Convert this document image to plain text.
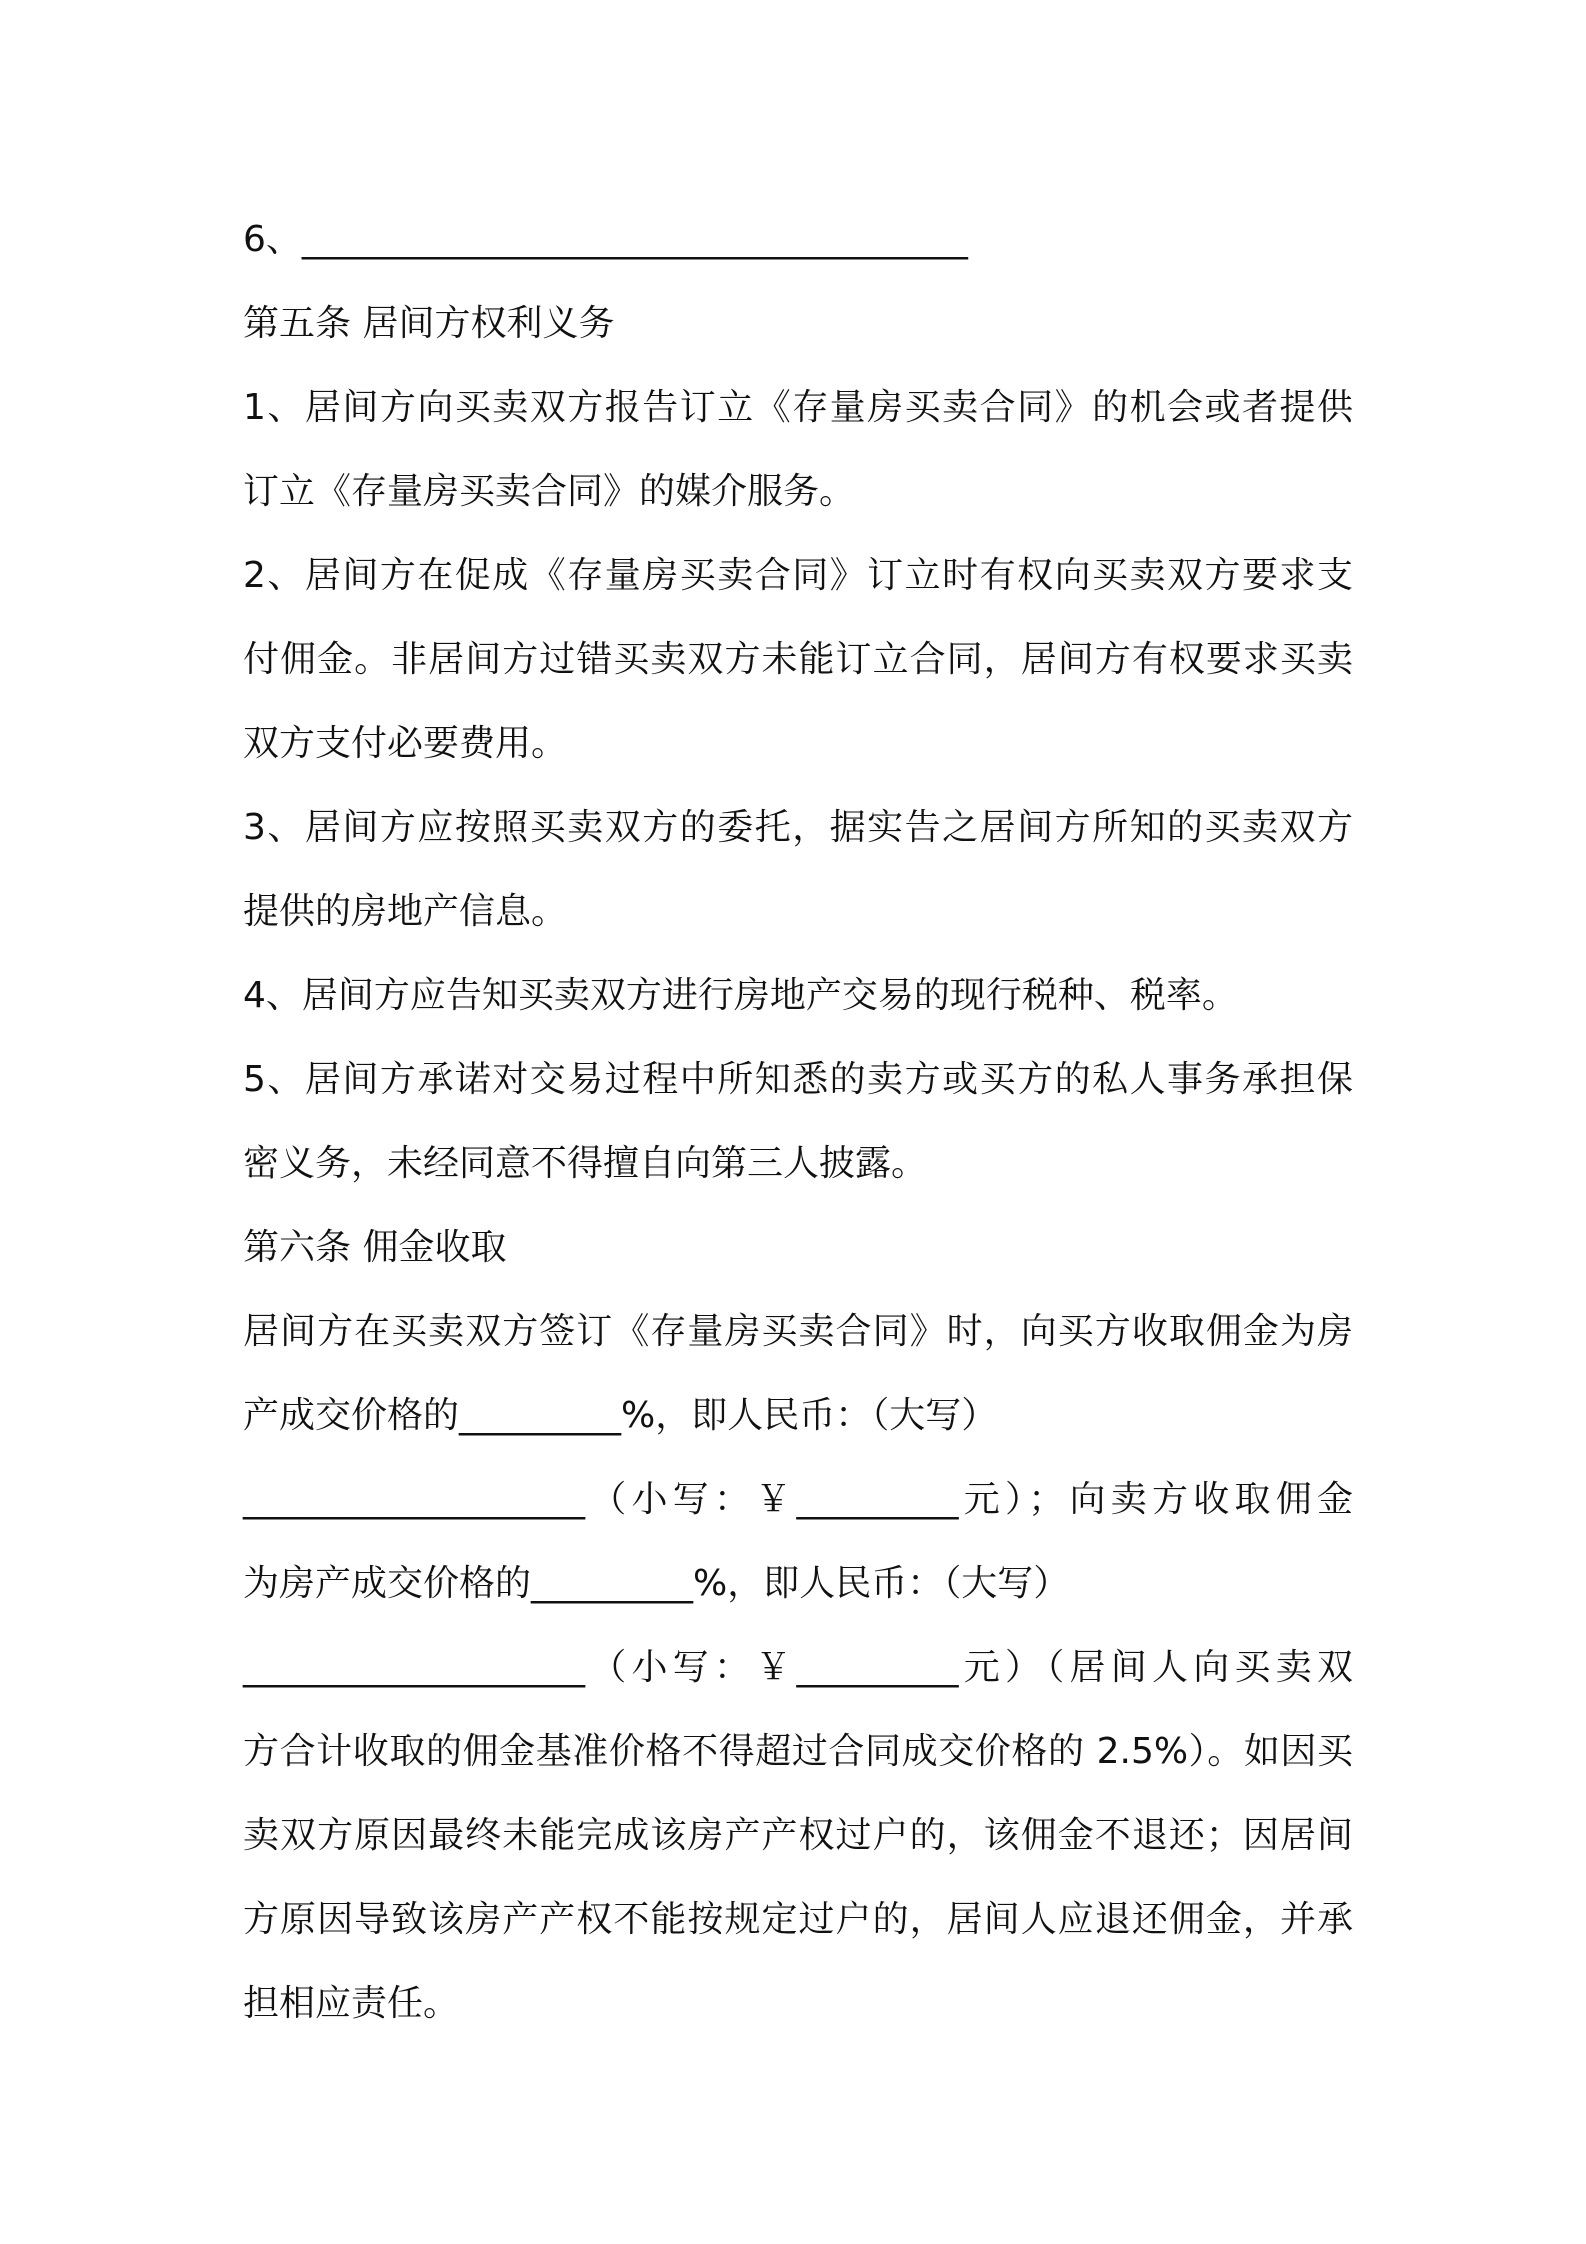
6、_____________________________________
第五条 居间方权利义务
1、居间方向买卖双方报告订立《存量房买卖合同》的机会或者提供
订立《存量房买卖合同》的媒介服务。
2、居间方在促成《存量房买卖合同》订立时有权向买卖双方要求支
付佣金。非居间方过错买卖双方未能订立合同，居间方有权要求买卖
双方支付必要费用。
3、居间方应按照买卖双方的委托，据实告之居间方所知的买卖双方
提供的房地产信息。
4、居间方应告知买卖双方进行房地产交易的现行税种、税率。
5、居间方承诺对交易过程中所知悉的卖方或买方的私人事务承担保
密义务，未经同意不得擅自向第三人披露。
第六条 佣金收取
居间方在买卖双方签订《存量房买卖合同》时，向买方收取佣金为房
产成交价格的_________%，即人民币：（大写）
___________________（小写：￥_________元）；向卖方收取佣金
为房产成交价格的_________%，即人民币：（大写）
___________________（小写：￥_________元）（居间人向买卖双
方合计收取的佣金基准价格不得超过合同成交价格的 2.5%）。如因买
卖双方原因最终未能完成该房产产权过户的，该佣金不退还；因居间
方原因导致该房产产权不能按规定过户的，居间人应退还佣金，并承
担相应责任。
